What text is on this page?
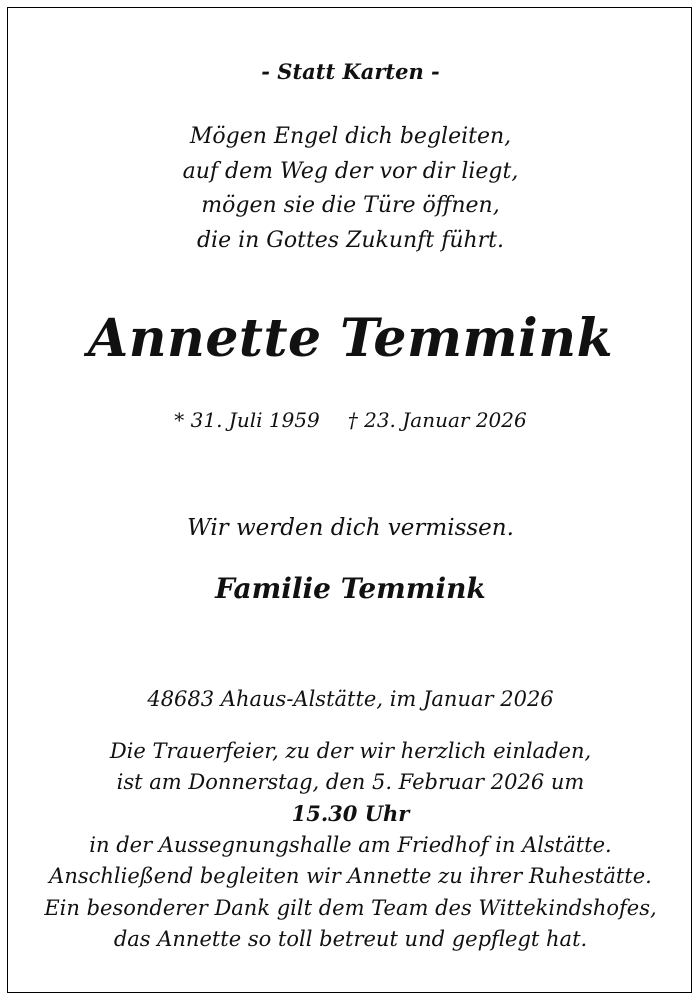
- Statt Karten -

Mögen Engel dich begleiten,
auf dem Weg der vor dir liegt,
mögen sie die Türe öffnen,
die in Gottes Zukunft führt.

Annette Temmink

* 31. Juli 1959 † 23. Januar 2026

Wir werden dich vermissen.

Familie Temmink

48683 Ahaus-Alstätte, im Januar 2026

Die Trauerfeier, zu der wir herzlich einladen,
ist am Donnerstag, den 5. Februar 2026 um
15.30 Uhr
in der Aussegnungshalle am Friedhof in Alstätte.
Anschließend begleiten wir Annette zu ihrer Ruhestätte.

Ein besonderer Dank gilt dem Team des Wittekindshofes,
das Annette so toll betreut und gepflegt hat.
